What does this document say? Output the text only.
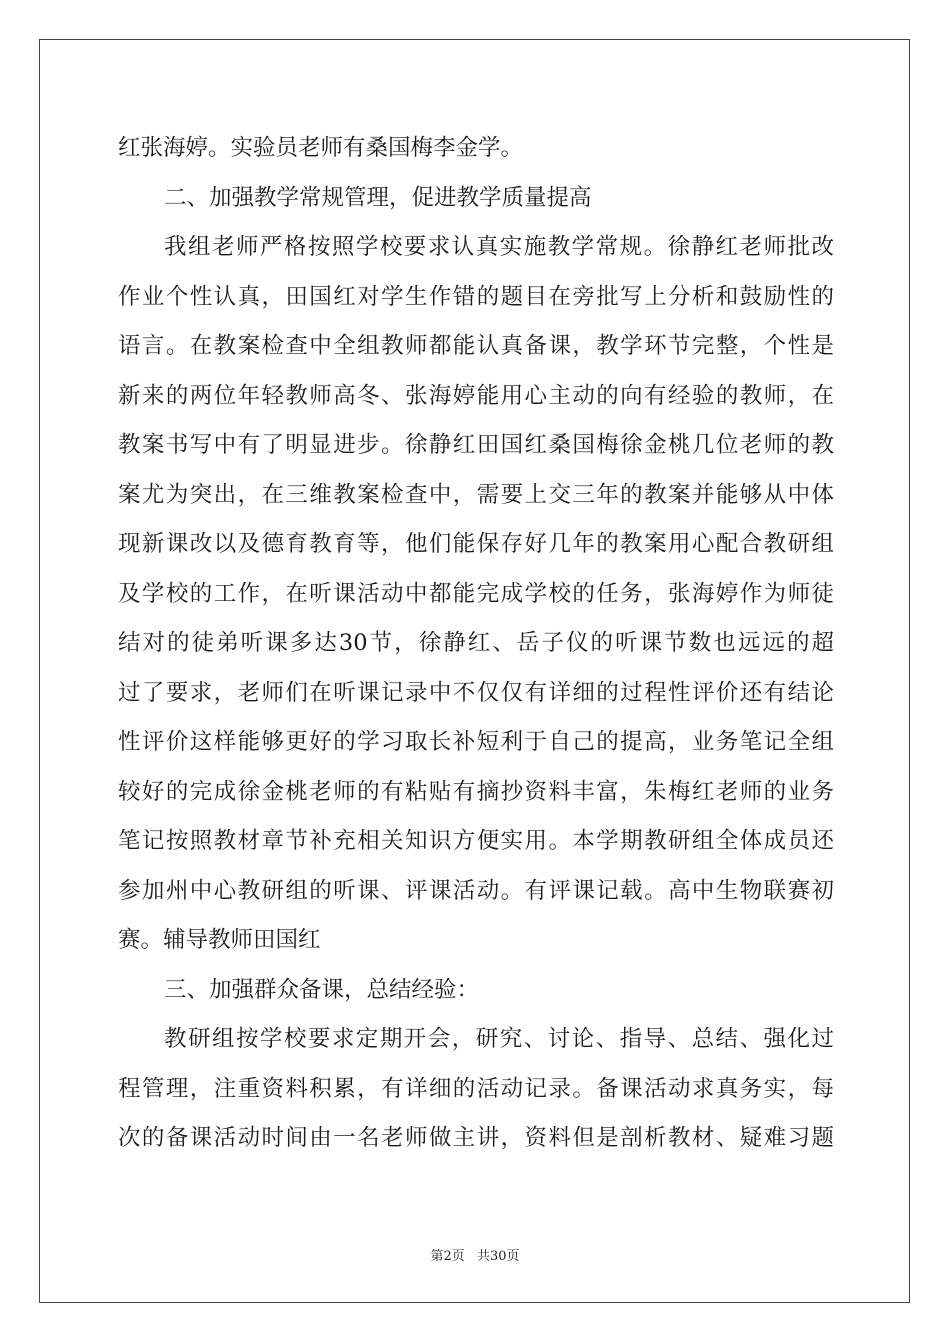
红张海婷。实验员老师有桑国梅李金学。
二、加强教学常规管理，促进教学质量提高
我组老师严格按照学校要求认真实施教学常规。徐静红老师批改
作业个性认真，田国红对学生作错的题目在旁批写上分析和鼓励性的
语言。在教案检查中全组教师都能认真备课，教学环节完整，个性是
新来的两位年轻教师高冬、张海婷能用心主动的向有经验的教师，在
教案书写中有了明显进步。徐静红田国红桑国梅徐金桃几位老师的教
案尤为突出，在三维教案检查中，需要上交三年的教案并能够从中体
现新课改以及德育教育等，他们能保存好几年的教案用心配合教研组
及学校的工作，在听课活动中都能完成学校的任务，张海婷作为师徒
结对的徒弟听课多达30节，徐静红、岳子仪的听课节数也远远的超
过了要求，老师们在听课记录中不仅仅有详细的过程性评价还有结论
性评价这样能够更好的学习取长补短利于自己的提高，业务笔记全组
较好的完成徐金桃老师的有粘贴有摘抄资料丰富，朱梅红老师的业务
笔记按照教材章节补充相关知识方便实用。本学期教研组全体成员还
参加州中心教研组的听课、评课活动。有评课记载。高中生物联赛初
赛。辅导教师田国红
三、加强群众备课，总结经验：
教研组按学校要求定期开会，研究、讨论、指导、总结、强化过
程管理，注重资料积累，有详细的活动记录。备课活动求真务实，每
次的备课活动时间由一名老师做主讲，资料但是剖析教材、疑难习题
第2页 共30页
